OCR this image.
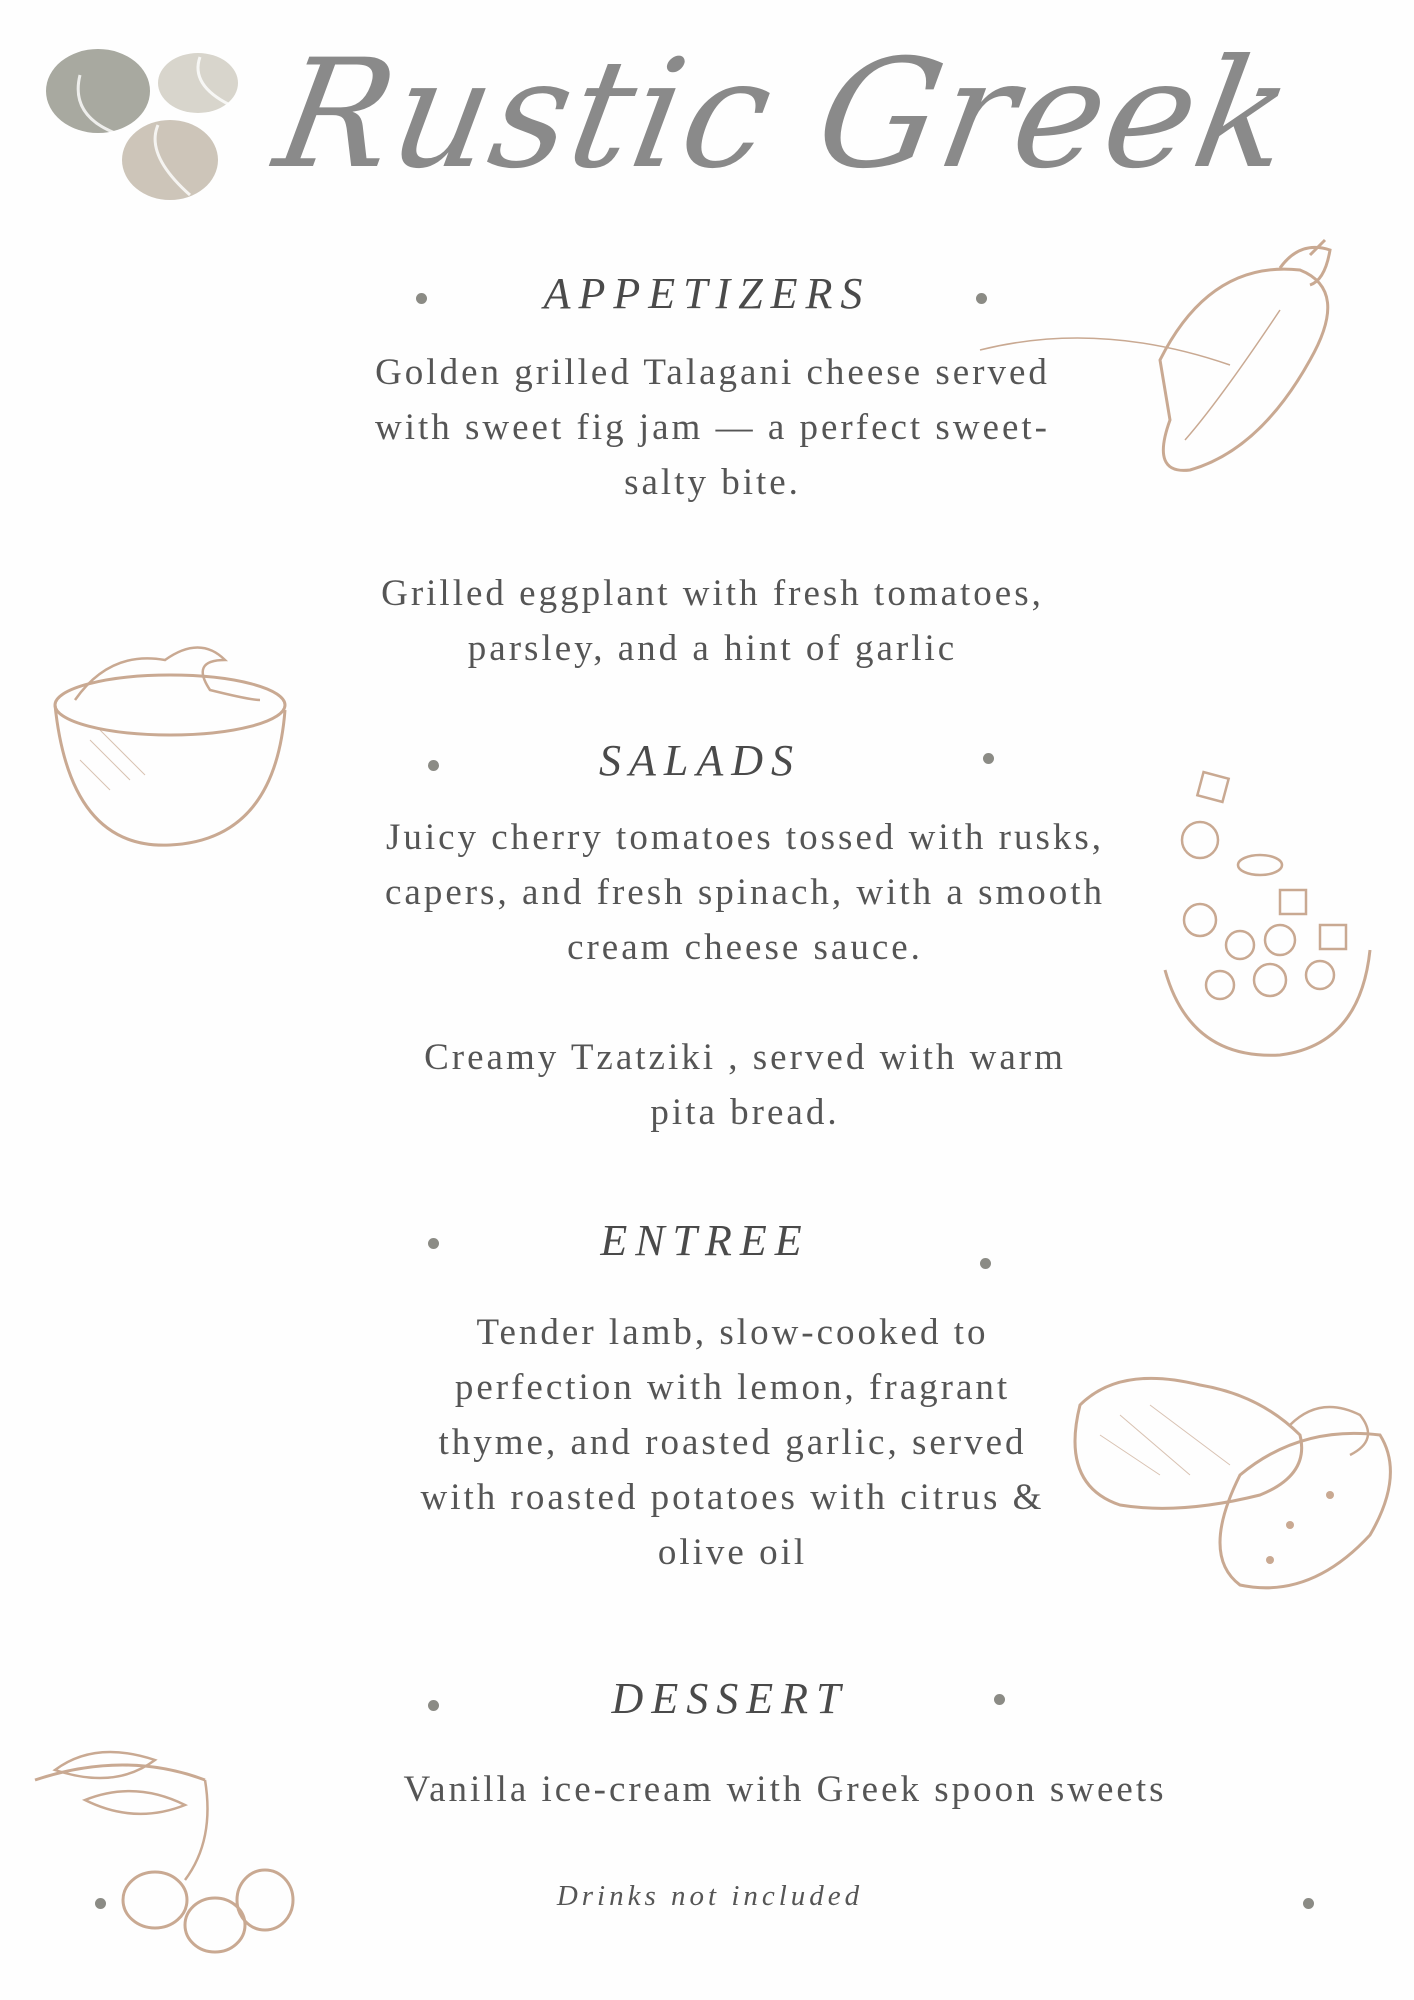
Rustic Greek
APPETIZERS
Golden grilled Talagani cheese served with sweet fig jam — a perfect sweet-salty bite.
Grilled eggplant with fresh tomatoes, parsley, and a hint of garlic
SALADS
Juicy cherry tomatoes tossed with rusks, capers, and fresh spinach, with a smooth cream cheese sauce.
Creamy Tzatziki , served with warm pita bread.
ENTREE
Tender lamb, slow-cooked to perfection with lemon, fragrant thyme, and roasted garlic, served with roasted potatoes with citrus & olive oil
DESSERT
Vanilla ice-cream with Greek spoon sweets
Drinks not included
